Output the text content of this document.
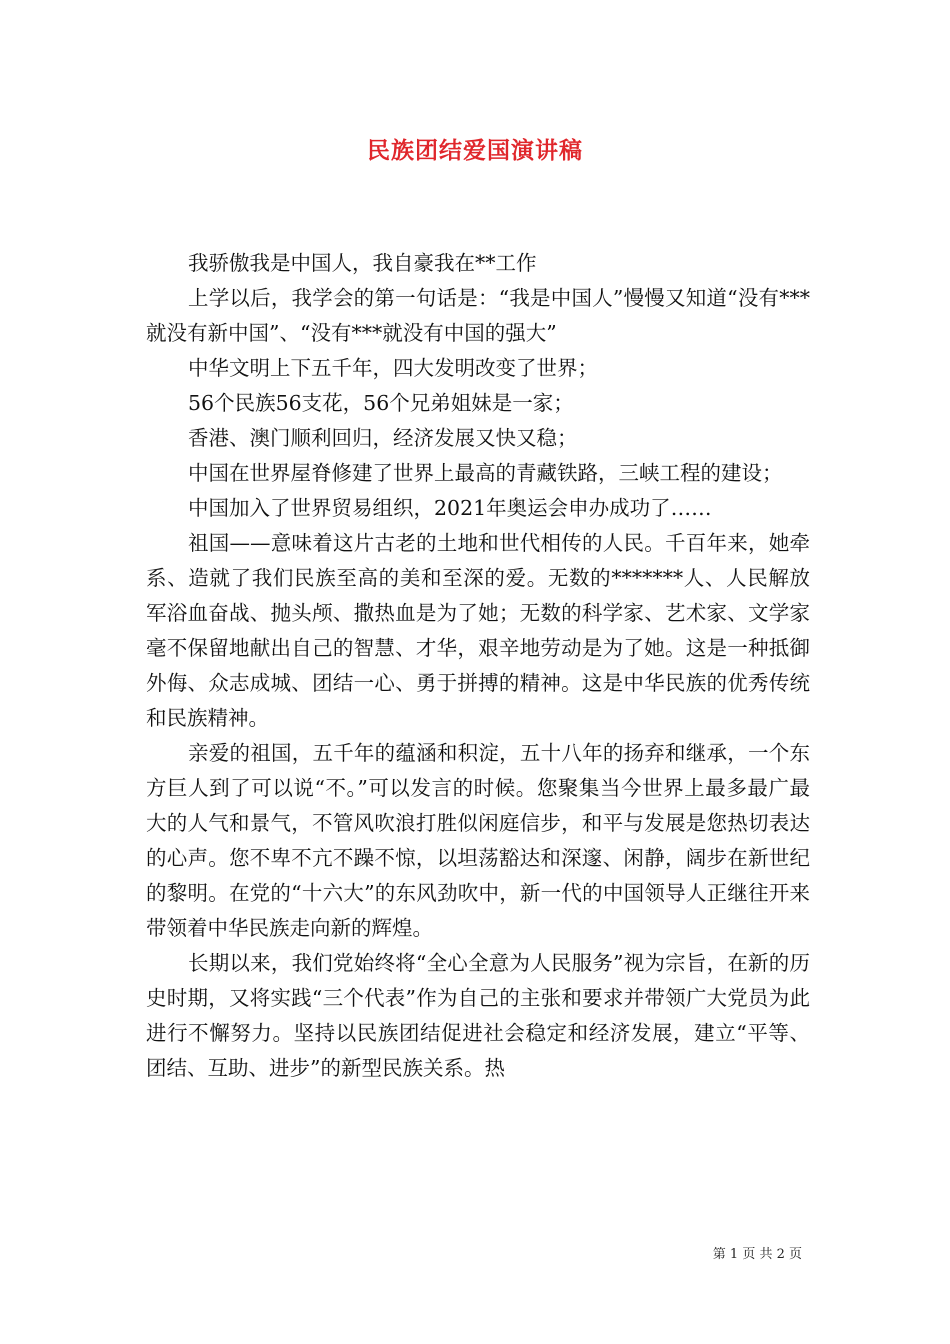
民族团结爱国演讲稿

我骄傲我是中国人，我自豪我在**工作

上学以后，我学会的第一句话是：“我是中国人”慢慢又知道“没有***就没有新中国”、“没有***就没有中国的强大”

中华文明上下五千年，四大发明改变了世界；

56个民族56支花，56个兄弟姐妹是一家；

香港、澳门顺利回归，经济发展又快又稳；

中国在世界屋脊修建了世界上最高的青藏铁路，三峡工程的建设；

中国加入了世界贸易组织，2021年奥运会申办成功了……

祖国——意味着这片古老的土地和世代相传的人民。千百年来，她牵系、造就了我们民族至高的美和至深的爱。无数的*******人、人民解放军浴血奋战、抛头颅、撒热血是为了她；无数的科学家、艺术家、文学家毫不保留地献出自己的智慧、才华，艰辛地劳动是为了她。这是一种抵御外侮、众志成城、团结一心、勇于拼搏的精神。这是中华民族的优秀传统和民族精神。

亲爱的祖国，五千年的蕴涵和积淀，五十八年的扬弃和继承，一个东方巨人到了可以说“不。”可以发言的时候。您聚集当今世界上最多最广最大的人气和景气，不管风吹浪打胜似闲庭信步，和平与发展是您热切表达的心声。您不卑不亢不躁不惊，以坦荡豁达和深邃、闲静，阔步在新世纪的黎明。在党的“十六大”的东风劲吹中，新一代的中国领导人正继往开来带领着中华民族走向新的辉煌。

长期以来，我们党始终将“全心全意为人民服务”视为宗旨，在新的历史时期，又将实践“三个代表”作为自己的主张和要求并带领广大党员为此进行不懈努力。坚持以民族团结促进社会稳定和经济发展，建立“平等、团结、互助、进步”的新型民族关系。热

第 1 页 共 2 页
